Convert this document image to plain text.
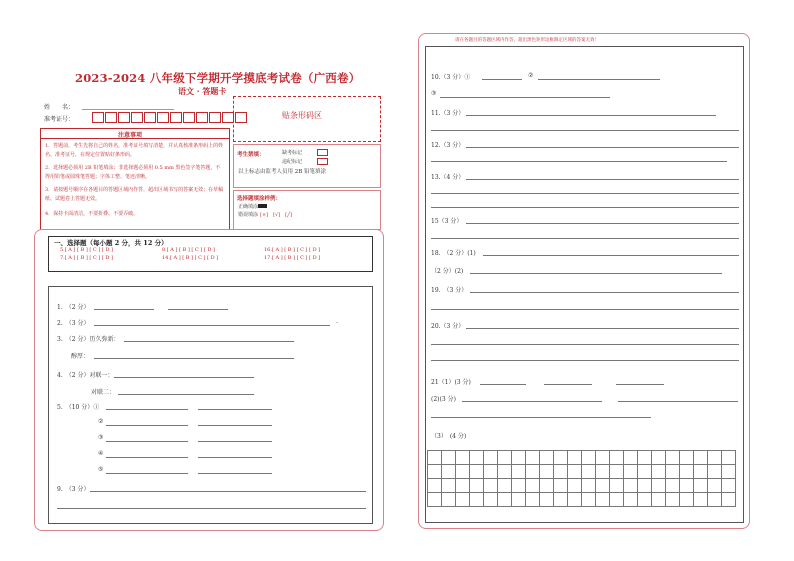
2023-2024 八年级下学期开学摸底考试卷（广西卷）
语文 · 答题卡
姓　　名：
准考证号：	贴条形码区
注意事项
1．答题前，考生先将自己的姓名，准考证号填写清楚，并认真核准条形码上的姓名、准考证号，在规定位置贴好条形码。
2．选择题必须用 2B 铅笔填涂；非选择题必须用 0.5 mm 黑色签字笔答题，不得用铅笔或圆珠笔答题；字体工整、笔迹清晰。
3．请按题号顺序在各题目的答题区域内作答，超出区域书写的答案无效；在草稿纸、试题卷上答题无效。
4．保持卡面清洁，不要折叠、不要弄破。
考生禁填：	缺考标记
违纪标记
以上标志由监考人员用 2B 铅笔填涂
选择题填涂样例：
正确填涂
错误填涂 [×]　[√]　[╱]
一、选择题（每小题 2 分，共 12 分）
5.[ A ] [ B ] [ C ] [ D ]	8.[ A ] [ B ] [ C ] [ D ]	16.[ A ] [ B ] [ C ] [ D ]
7.[ A ] [ B ] [ C ] [ D ]	14.[ A ] [ B ] [ C ] [ D ]	17.[ A ] [ B ] [ C ] [ D ]
1.　（2 分）
2.　（3 分）	.
3.　（2 分）历久弥新：
醇厚：
4.　（2 分）对联一：
对联二：
5.　（10 分）①
②
③
④
⑤
9.　（3 分）
请在各题目的答题区域内作答，超出黑色矩形边框限定区域的答案无效！
10.（3 分）①	②
③
11.（3 分）
12.（3 分）
13.（4 分）
15（3 分）
18.　（2 分）(1)
（2 分）(2)
19.　（3 分）
20.（3 分）
21（1）(3 分)
(2)(3 分)
（3）　(4 分)
